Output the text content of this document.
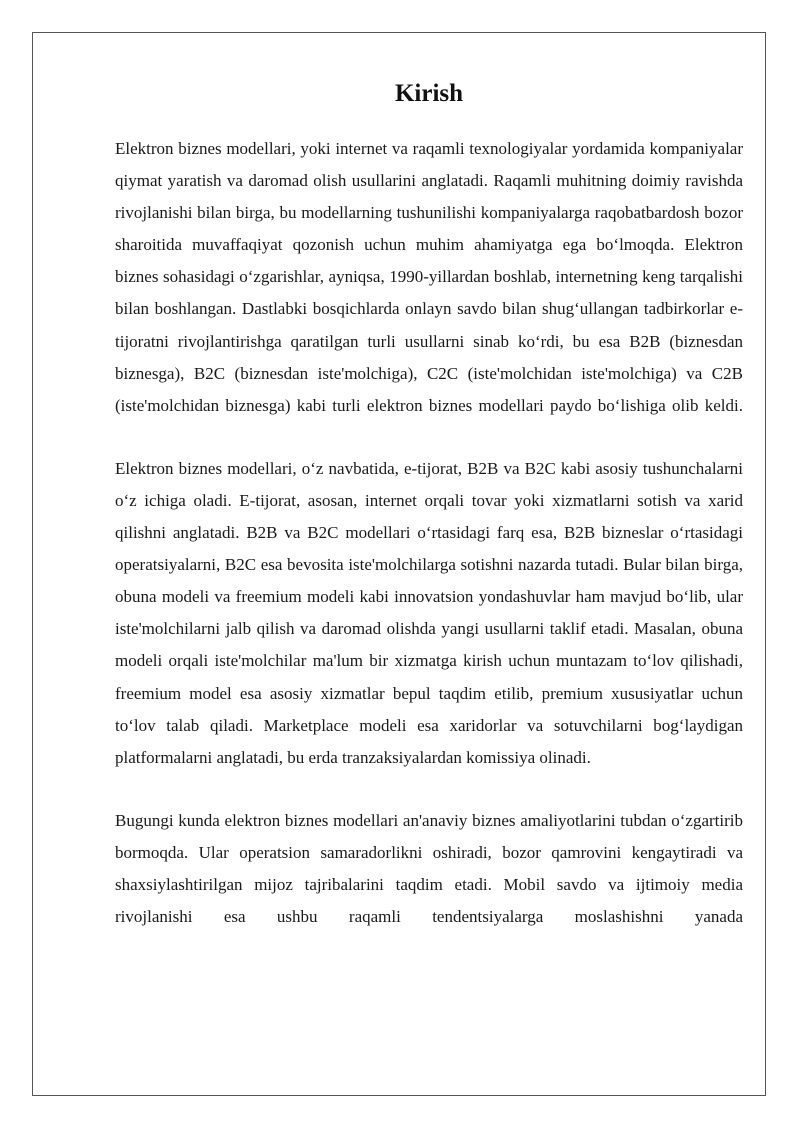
Kirish

Elektron biznes modellari, yoki internet va raqamli texnologiyalar yordamida kompaniyalar qiymat yaratish va daromad olish usullarini anglatadi. Raqamli muhitning doimiy ravishda rivojlanishi bilan birga, bu modellarning tushunilishi kompaniyalarga raqobatbardosh bozor sharoitida muvaffaqiyat qozonish uchun muhim ahamiyatga ega boʻlmoqda. Elektron biznes sohasidagi oʻzgarishlar, ayniqsa, 1990-yillardan boshlab, internetning keng tarqalishi bilan boshlangan. Dastlabki bosqichlarda onlayn savdo bilan shugʻullangan tadbirkorlar e-tijoratni rivojlantirishga qaratilgan turli usullarni sinab koʻrdi, bu esa B2B (biznesdan biznesga), B2C (biznesdan iste'molchiga), C2C (iste'molchidan iste'molchiga) va C2B (iste'molchidan biznesga) kabi turli elektron biznes modellari paydo boʻlishiga olib keldi.

Elektron biznes modellari, oʻz navbatida, e-tijorat, B2B va B2C kabi asosiy tushunchalarni oʻz ichiga oladi. E-tijorat, asosan, internet orqali tovar yoki xizmatlarni sotish va xarid qilishni anglatadi. B2B va B2C modellari oʻrtasidagi farq esa, B2B bizneslar oʻrtasidagi operatsiyalarni, B2C esa bevosita iste'molchilarga sotishni nazarda tutadi. Bular bilan birga, obuna modeli va freemium modeli kabi innovatsion yondashuvlar ham mavjud boʻlib, ular iste'molchilarni jalb qilish va daromad olishda yangi usullarni taklif etadi. Masalan, obuna modeli orqali iste'molchilar ma'lum bir xizmatga kirish uchun muntazam toʻlov qilishadi, freemium model esa asosiy xizmatlar bepul taqdim etilib, premium xususiyatlar uchun toʻlov talab qiladi. Marketplace modeli esa xaridorlar va sotuvchilarni bogʻlaydigan platformalarni anglatadi, bu erda tranzaksiyalardan komissiya olinadi.

Bugungi kunda elektron biznes modellari an'anaviy biznes amaliyotlarini tubdan oʻzgartirib bormoqda. Ular operatsion samaradorlikni oshiradi, bozor qamrovini kengaytiradi va shaxsiylashtirilgan mijoz tajribalarini taqdim etadi. Mobil savdo va ijtimoiy media rivojlanishi esa ushbu raqamli tendentsiyalarga moslashishni yanada
